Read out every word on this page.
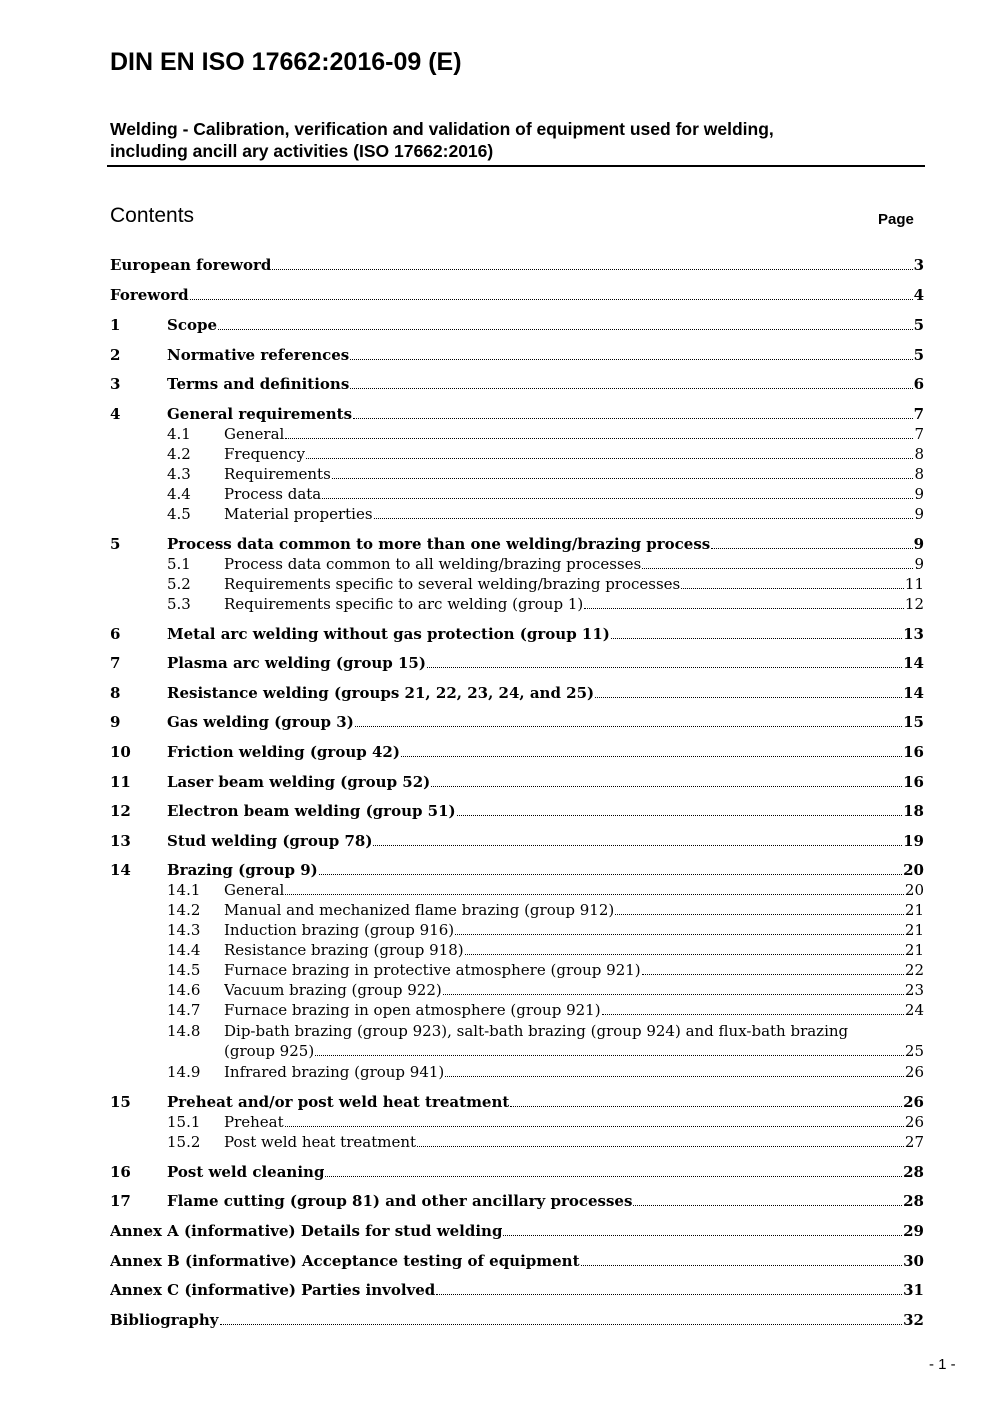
DIN EN ISO 17662:2016-09 (E)
Welding - Calibration, verification and validation of equipment used for welding,
including ancill ary activities (ISO 17662:2016)
Contents	Page
European foreword	3
Foreword	4
1	Scope	5
2	Normative references	5
3	Terms and definitions	6
4	General requirements	7
4.1	General	7
4.2	Frequency	8
4.3	Requirements	8
4.4	Process data	9
4.5	Material properties	9
5	Process data common to more than one welding/brazing process	9
5.1	Process data common to all welding/brazing processes	9
5.2	Requirements specific to several welding/brazing processes	11
5.3	Requirements specific to arc welding (group 1)	12
6	Metal arc welding without gas protection (group 11)	13
7	Plasma arc welding (group 15)	14
8	Resistance welding (groups 21, 22, 23, 24, and 25)	14
9	Gas welding (group 3)	15
10	Friction welding (group 42)	16
11	Laser beam welding (group 52)	16
12	Electron beam welding (group 51)	18
13	Stud welding (group 78)	19
14	Brazing (group 9)	20
14.1	General	20
14.2	Manual and mechanized flame brazing (group 912)	21
14.3	Induction brazing (group 916)	21
14.4	Resistance brazing (group 918)	21
14.5	Furnace brazing in protective atmosphere (group 921)	22
14.6	Vacuum brazing (group 922)	23
14.7	Furnace brazing in open atmosphere (group 921)	24
14.8 Dip-bath brazing (group 923), salt-bath brazing (group 924) and flux-bath brazing
(group 925)	25
14.9	Infrared brazing (group 941)	26
15	Preheat and/or post weld heat treatment	26
15.1	Preheat	26
15.2	Post weld heat treatment	27
16	Post weld cleaning	28
17	Flame cutting (group 81) and other ancillary processes	28
Annex A (informative) Details for stud welding	29
Annex B (informative) Acceptance testing of equipment	30
Annex C (informative) Parties involved	31
Bibliography	32
- 1 -
